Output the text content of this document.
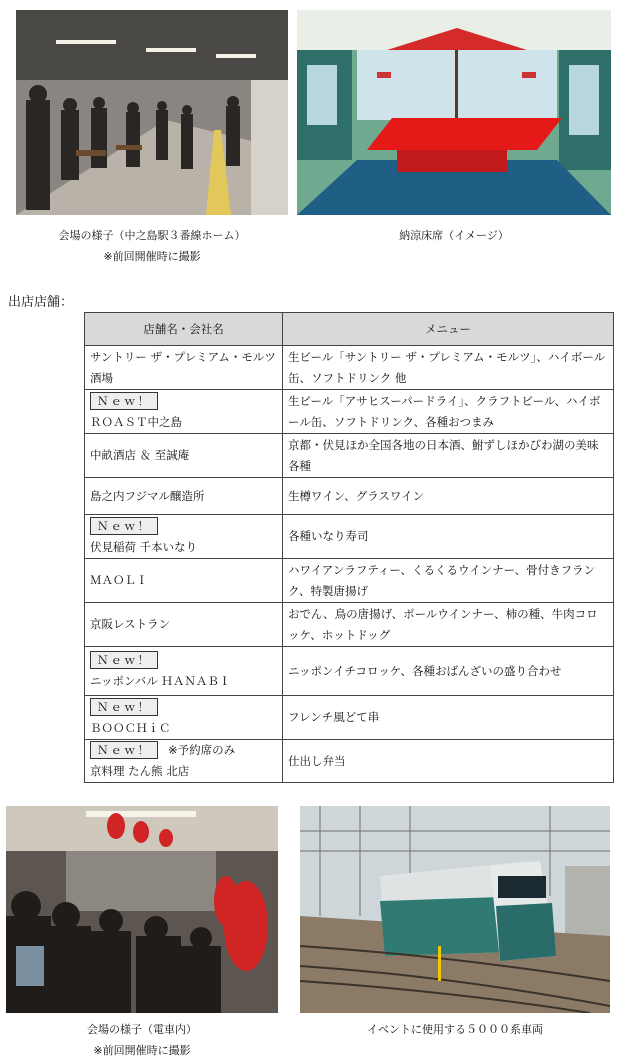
会場の様子（中之島駅３番線ホーム）
※前回開催時に撮影
納涼床席（イメージ）
出店店舗：
店舗名・会社名	メニュー

サントリー ザ・プレミアム・モルツ酒場	生ビール「サントリー ザ・プレミアム・モルツ」、ハイボール缶、ソフトドリンク 他

Ｎｅｗ！
ＲＯＡＳＴ中之島	生ビール「アサヒスーパードライ」、クラフトビール、ハイボール缶、ソフトドリンク、各種おつまみ

中畝酒店 ＆ 至誠庵	京都・伏見ほか全国各地の日本酒、鮒ずしほかびわ湖の美味各種

島之内フジマル醸造所	生樽ワイン、グラスワイン

Ｎｅｗ！
伏見稲荷 千本いなり	各種いなり寿司

ＭＡＯＬＩ	ハワイアンラフティー、くるくるウインナー、骨付きフランク、特製唐揚げ

京阪レストラン	おでん、鳥の唐揚げ、ポールウインナー、柿の種、牛肉コロッケ、ホットドッグ

Ｎｅｗ！
ニッポンバル ＨＡＮＡＢＩ	ニッポンイチコロッケ、各種おばんざいの盛り合わせ

Ｎｅｗ！
ＢＯＯＣＨｉＣ	フレンチ風どて串

Ｎｅｗ！ ※予約席のみ
京料理 たん熊 北店	仕出し弁当
会場の様子（電車内）
※前回開催時に撮影
イベントに使用する５０００系車両
